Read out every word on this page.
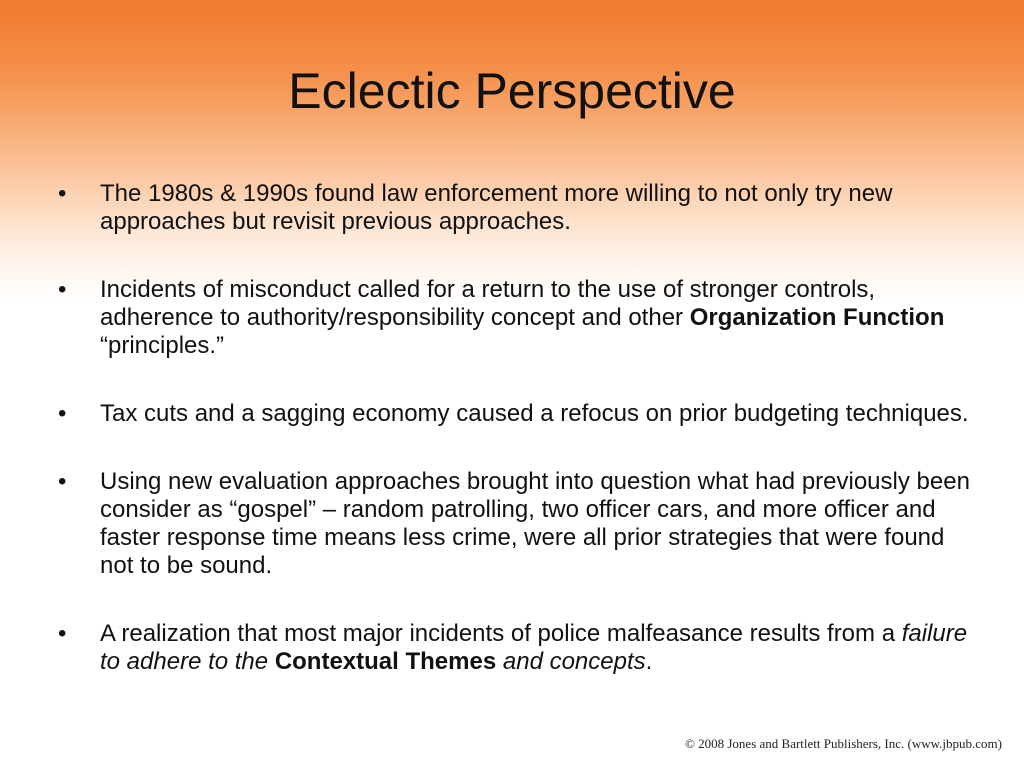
Eclectic Perspective
• The 1980s & 1990s found law enforcement more willing to not only try new approaches but revisit previous approaches.
• Incidents of misconduct called for a return to the use of stronger controls, adherence to authority/responsibility concept and other Organization Function “principles.”
• Tax cuts and a sagging economy caused a refocus on prior budgeting techniques.
• Using new evaluation approaches brought into question what had previously been consider as “gospel” – random patrolling, two officer cars, and more officer and faster response time means less crime, were all prior strategies that were found not to be sound.
• A realization that most major incidents of police malfeasance results from a failure to adhere to the Contextual Themes and concepts.
© 2008 Jones and Bartlett Publishers, Inc. (www.jbpub.com)
